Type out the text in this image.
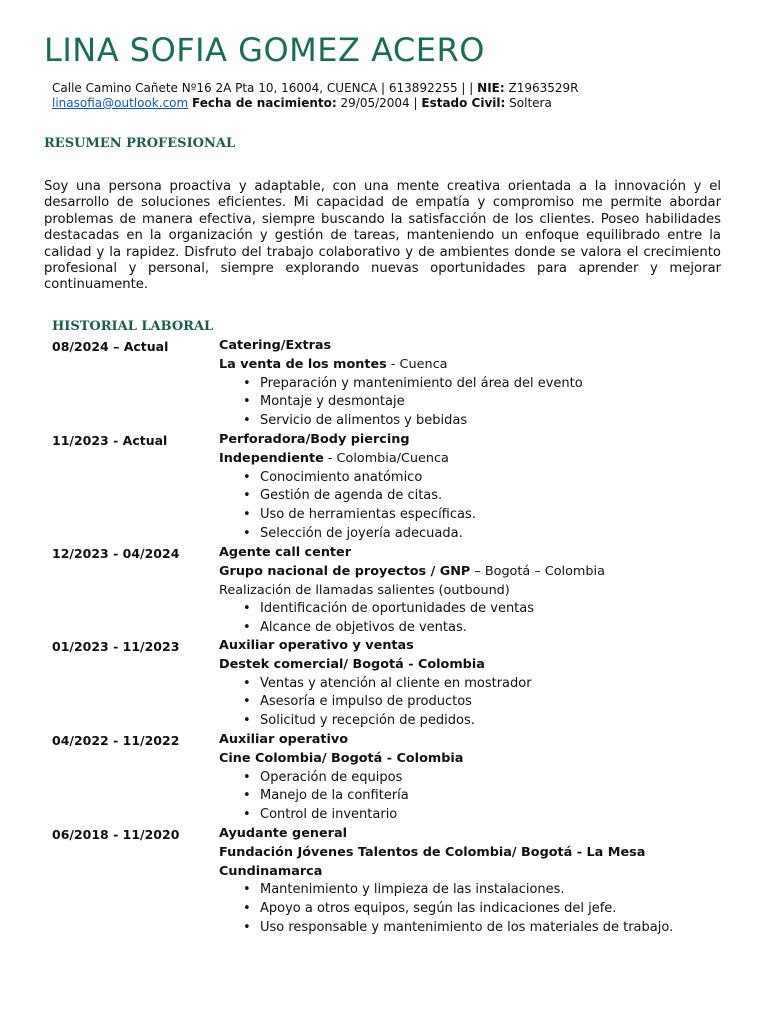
LINA SOFIA GOMEZ ACERO
Calle Camino Cañete Nº16 2A Pta 10, 16004, CUENCA | 613892255 | | NIE: Z1963529R
linasofia@outlook.com Fecha de nacimiento: 29/05/2004 | Estado Civil: Soltera
RESUMEN PROFESIONAL
Soy una persona proactiva y adaptable, con una mente creativa orientada a la innovación y el desarrollo de soluciones eficientes. Mi capacidad de empatía y compromiso me permite abordar problemas de manera efectiva, siempre buscando la satisfacción de los clientes. Poseo habilidades destacadas en la organización y gestión de tareas, manteniendo un enfoque equilibrado entre la calidad y la rapidez. Disfruto del trabajo colaborativo y de ambientes donde se valora el crecimiento profesional y personal, siempre explorando nuevas oportunidades para aprender y mejorar continuamente.
HISTORIAL LABORAL
08/2024 – Actual	Catering/Extras
La venta de los montes - Cuenca
• Preparación y mantenimiento del área del evento
• Montaje y desmontaje
• Servicio de alimentos y bebidas
11/2023 - Actual	Perforadora/Body piercing
Independiente - Colombia/Cuenca
• Conocimiento anatómico
• Gestión de agenda de citas.
• Uso de herramientas específicas.
• Selección de joyería adecuada.
12/2023 - 04/2024	Agente call center
Grupo nacional de proyectos / GNP – Bogotá – Colombia
Realización de llamadas salientes (outbound)
• Identificación de oportunidades de ventas
• Alcance de objetivos de ventas.
01/2023 - 11/2023	Auxiliar operativo y ventas
Destek comercial/ Bogotá - Colombia
• Ventas y atención al cliente en mostrador
• Asesoría e impulso de productos
• Solicitud y recepción de pedidos.
04/2022 - 11/2022	Auxiliar operativo
Cine Colombia/ Bogotá - Colombia
• Operación de equipos
• Manejo de la confitería
• Control de inventario
06/2018 - 11/2020	Ayudante general
Fundación Jóvenes Talentos de Colombia/ Bogotá - La Mesa
Cundinamarca
• Mantenimiento y limpieza de las instalaciones.
• Apoyo a otros equipos, según las indicaciones del jefe.
• Uso responsable y mantenimiento de los materiales de trabajo.
